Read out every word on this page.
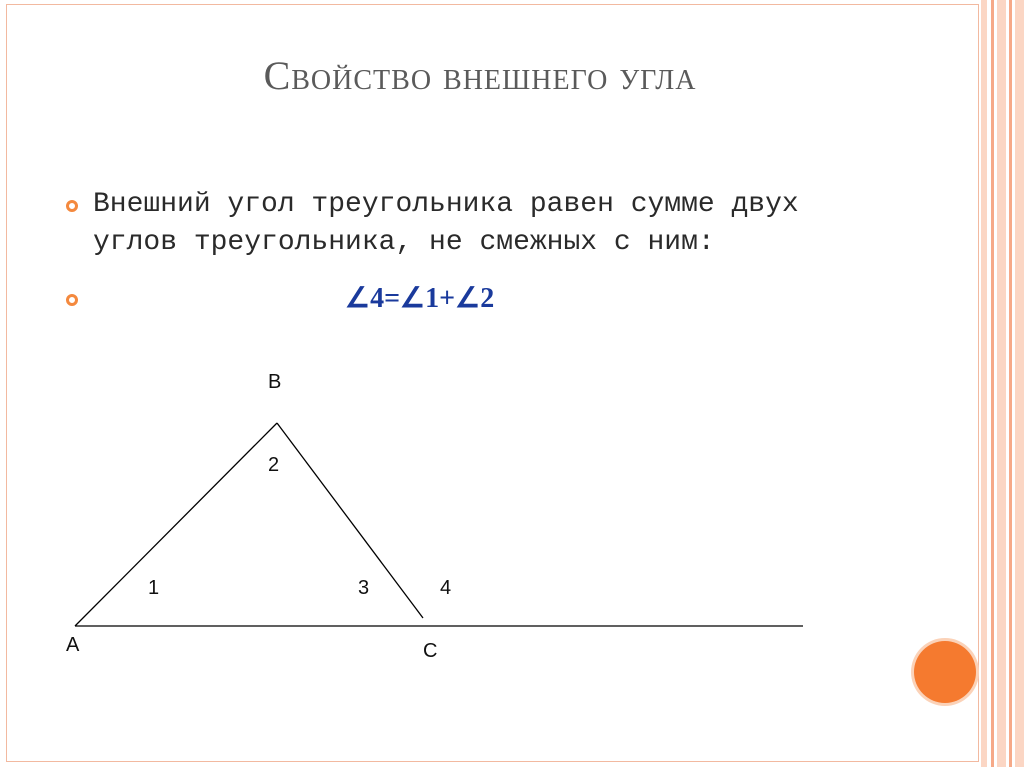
Свойство внешнего угла
Внешний угол треугольника равен сумме двух углов треугольника, не смежных с ним:
∠4=∠1+∠2
B
2
1	3	4
A	C
